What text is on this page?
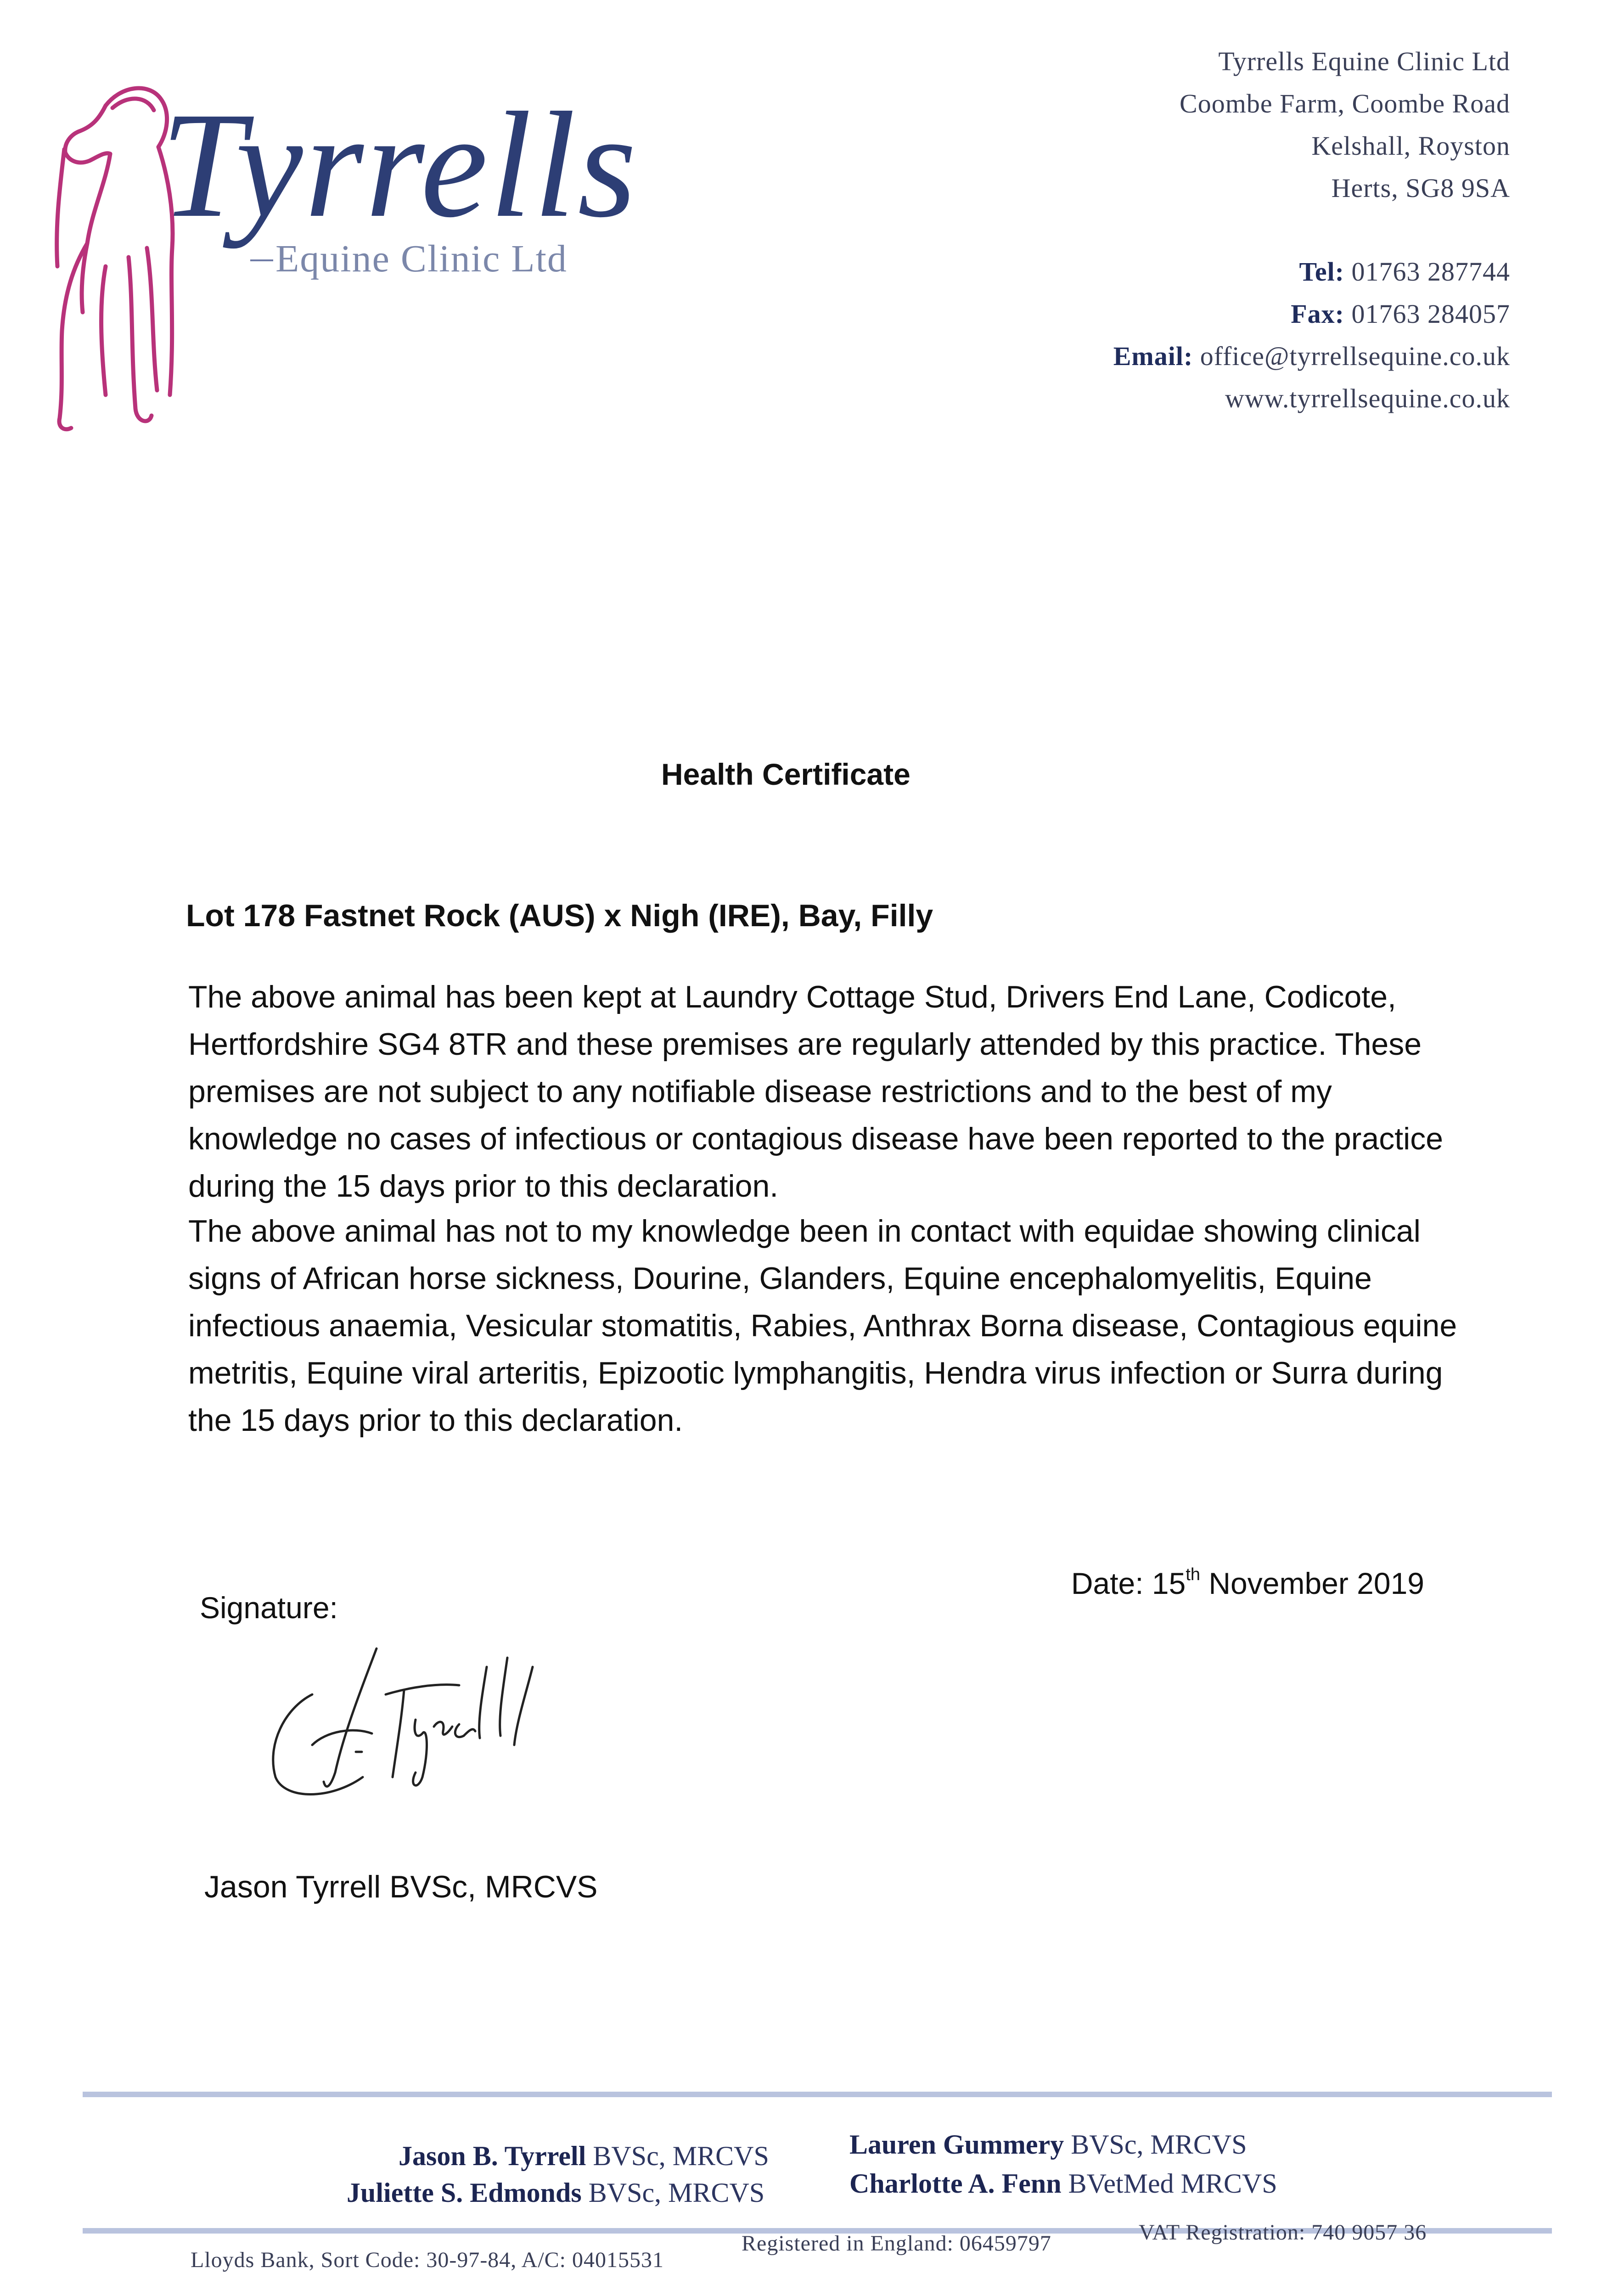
Tyrrells
Equine Clinic Ltd
Tyrrells Equine Clinic Ltd
Coombe Farm, Coombe Road
Kelshall, Royston
Herts, SG8 9SA
Tel: 01763 287744
Fax: 01763 284057
Email: office@tyrrellsequine.co.uk
www.tyrrellsequine.co.uk
Health Certificate
Lot 178 Fastnet Rock (AUS) x Nigh (IRE), Bay, Filly

The above animal has been kept at Laundry Cottage Stud, Drivers End Lane, Codicote, Hertfordshire SG4 8TR and these premises are regularly attended by this practice. These premises are not subject to any notifiable disease restrictions and to the best of my knowledge no cases of infectious or contagious disease have been reported to the practice during the 15 days prior to this declaration.

The above animal has not to my knowledge been in contact with equidae showing clinical signs of African horse sickness, Dourine, Glanders, Equine encephalomyelitis, Equine infectious anaemia, Vesicular stomatitis, Rabies, Anthrax Borna disease, Contagious equine metritis, Equine viral arteritis, Epizootic lymphangitis, Hendra virus infection or Surra during the 15 days prior to this declaration.

Signature:
Date: 15th November 2019
Jason Tyrrell BVSc, MRCVS
Jason B. Tyrrell BVSc, MRCVS
Juliette S. Edmonds BVSc, MRCVS
Lauren Gummery BVSc, MRCVS
Charlotte A. Fenn BVetMed MRCVS
Lloyds Bank, Sort Code: 30-97-84, A/C: 04015531
Registered in England: 06459797	VAT Registration: 740 9057 36
